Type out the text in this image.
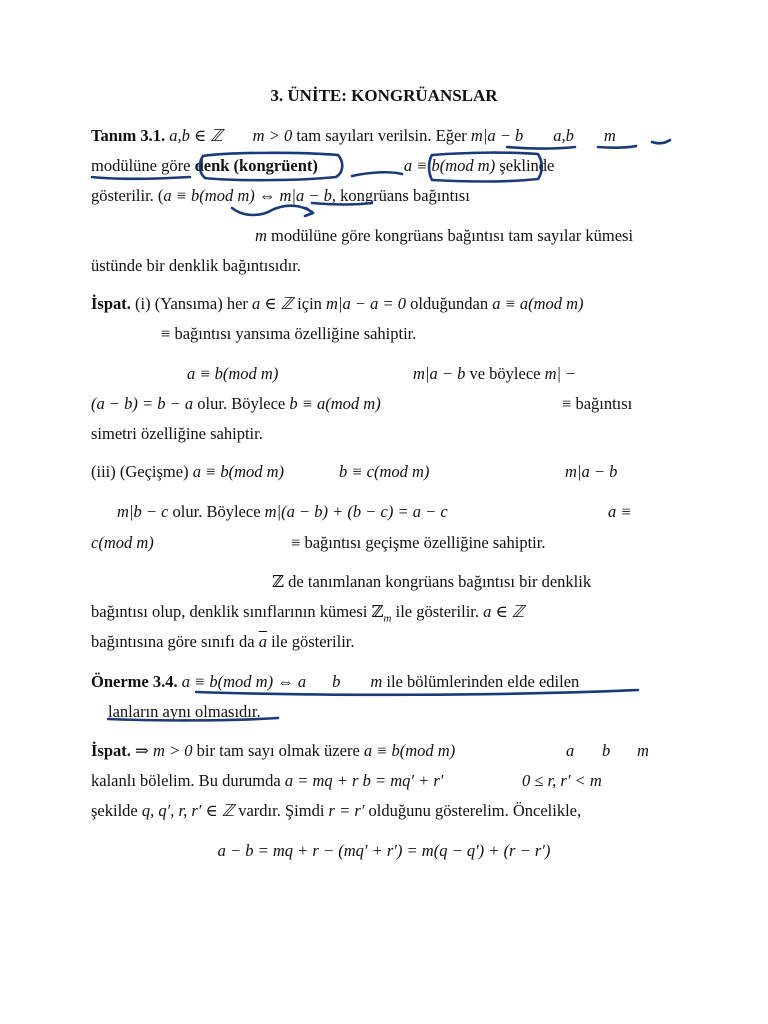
3. ÜNİTE: KONGRÜANSLAR
Tanım 3.1. a,b ∈ ℤ m > 0 tam sayıları verilsin. Eğer m|a − b a,b m
modülüne göre denk (kongrüent)	a ≡ b(mod m) şeklinde
gösterilir. (a ≡ b(mod m) ⇔ m|a − b, kongrüans bağıntısı
m modülüne göre kongrüans bağıntısı tam sayılar kümesi
üstünde bir denklik bağıntısıdır.
İspat. (i) (Yansıma) her a ∈ ℤ için m|a − a = 0 olduğundan a ≡ a(mod m)
≡ bağıntısı yansıma özelliğine sahiptir.
a ≡ b(mod m)	m|a − b ve böylece m| −
(a − b) = b − a olur. Böylece b ≡ a(mod m)	≡ bağıntısı
simetri özelliğine sahiptir.
(iii) (Geçişme) a ≡ b(mod m)	b ≡ c(mod m)	m|a − b
m|b − c olur. Böylece m|(a − b) + (b − c) = a − c	a ≡
c(mod m)	≡ bağıntısı geçişme özelliğine sahiptir.
ℤ de tanımlanan kongrüans bağıntısı bir denklik
bağıntısı olup, denklik sınıflarının kümesi ℤ$_m$ ile gösterilir. a ∈ ℤ
bağıntısına göre sınıfı da $\overline{a}$ ile gösterilir.
Önerme 3.4. a ≡ b(mod m) ⇔ a b m ile bölümlerinden elde edilen
lanların aynı olmasıdır.
İspat. ⇒ m > 0 bir tam sayı olmak üzere a ≡ b(mod m)	a b m
kalanlı bölelim. Bu durumda a = mq + r b = mq′ + r′	0 ≤ r, r′ < m
şekilde q, q′, r, r′ ∈ ℤ vardır. Şimdi r = r′ olduğunu gösterelim. Öncelikle,
a − b = mq + r − (mq′ + r′) = m(q − q′) + (r − r′)
